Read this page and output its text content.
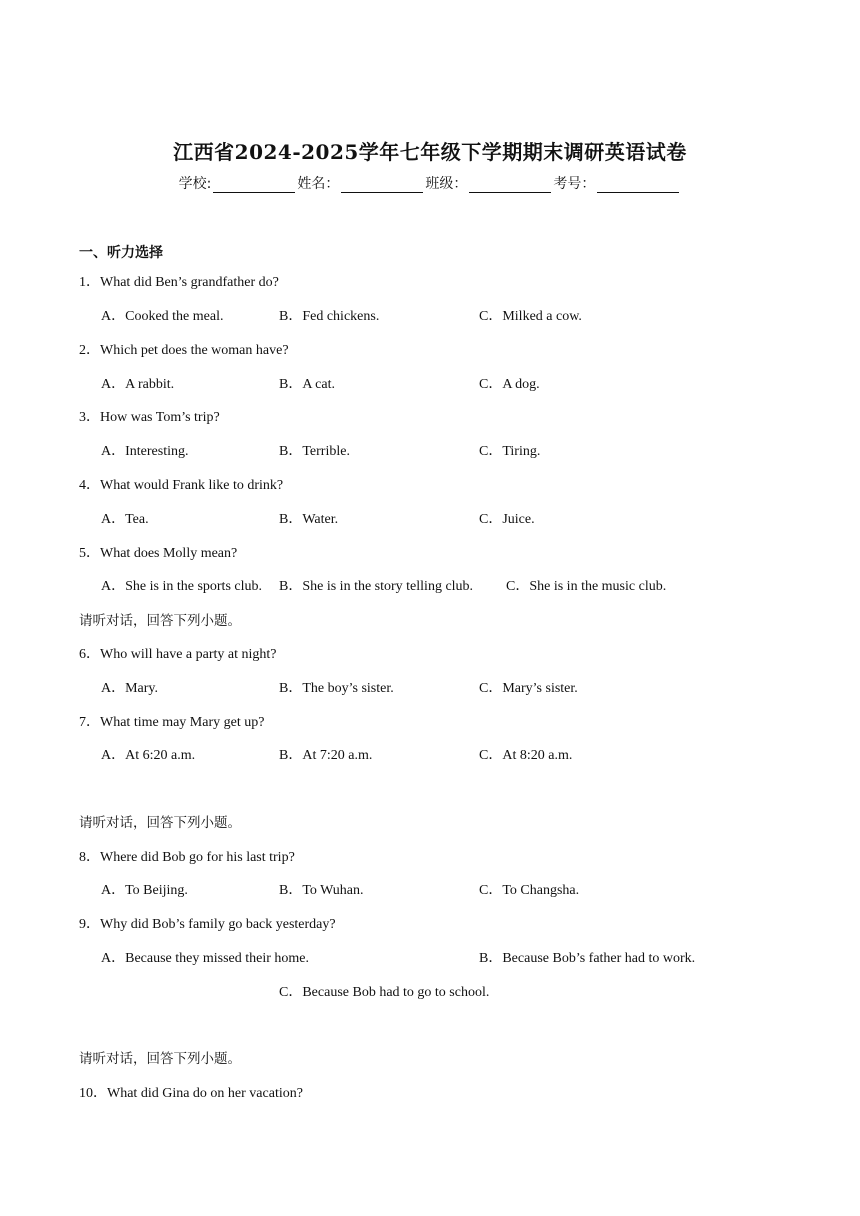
江西省2024-2025学年七年级下学期期末调研英语试卷
学校:	姓名：	班级：	考号：
一、听力选择
1．What did Ben’s grandfather do?
A．Cooked the meal.	B．Fed chickens.	C．Milked a cow.
2．Which pet does the woman have?
A．A rabbit.	B．A cat.	C．A dog.
3．How was Tom’s trip?
A．Interesting.	B．Terrible.	C．Tiring.
4．What would Frank like to drink?
A．Tea.	B．Water.	C．Juice.
5．What does Molly mean?
A．She is in the sports club. B．She is in the story telling club. C．She is in the music club.
请听对话，回答下列小题。
6．Who will have a party at night?
A．Mary.	B．The boy’s sister.	C．Mary’s sister.
7．What time may Mary get up?
A．At 6:20 a.m.	B．At 7:20 a.m.	C．At 8:20 a.m.
请听对话，回答下列小题。
8．Where did Bob go for his last trip?
A．To Beijing.	B．To Wuhan.	C．To Changsha.
9．Why did Bob’s family go back yesterday?
A．Because they missed their home.	B．Because Bob’s father had to work.
C．Because Bob had to go to school.
请听对话，回答下列小题。
10．What did Gina do on her vacation?
